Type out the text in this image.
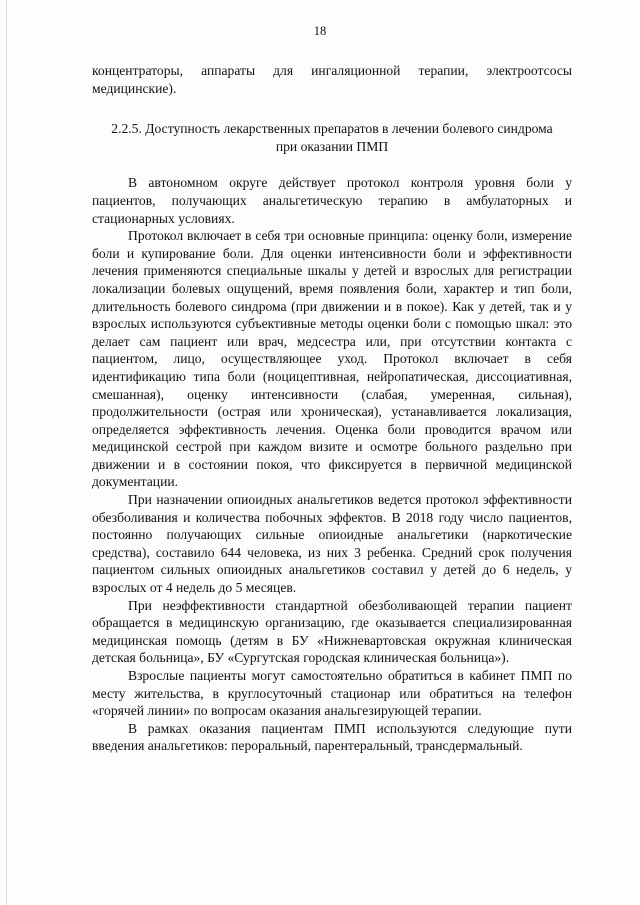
18

концентраторы, аппараты для ингаляционной терапии, электроотсосы медицинские).

2.2.5. Доступность лекарственных препаратов в лечении болевого синдрома при оказании ПМП

В автономном округе действует протокол контроля уровня боли у пациентов, получающих анальгетическую терапию в амбулаторных и стационарных условиях.

Протокол включает в себя три основные принципа: оценку боли, измерение боли и купирование боли. Для оценки интенсивности боли и эффективности лечения применяются специальные шкалы у детей и взрослых для регистрации локализации болевых ощущений, время появления боли, характер и тип боли, длительность болевого синдрома (при движении и в покое). Как у детей, так и у взрослых используются субъективные методы оценки боли с помощью шкал: это делает сам пациент или врач, медсестра или, при отсутствии контакта с пациентом, лицо, осуществляющее уход. Протокол включает в себя идентификацию типа боли (ноцицептивная, нейропатическая, диссоциативная, смешанная), оценку интенсивности (слабая, умеренная, сильная), продолжительности (острая или хроническая), устанавливается локализация, определяется эффективность лечения. Оценка боли проводится врачом или медицинской сестрой при каждом визите и осмотре больного раздельно при движении и в состоянии покоя, что фиксируется в первичной медицинской документации.

При назначении опиоидных анальгетиков ведется протокол эффективности обезболивания и количества побочных эффектов. В 2018 году число пациентов, постоянно получающих сильные опиоидные анальгетики (наркотические средства), составило 644 человека, из них 3 ребенка. Средний срок получения пациентом сильных опиоидных анальгетиков составил у детей до 6 недель, у взрослых от 4 недель до 5 месяцев.

При неэффективности стандартной обезболивающей терапии пациент обращается в медицинскую организацию, где оказывается специализированная медицинская помощь (детям в БУ «Нижневартовская окружная клиническая детская больница», БУ «Сургутская городская клиническая больница»).

Взрослые пациенты могут самостоятельно обратиться в кабинет ПМП по месту жительства, в круглосуточный стационар или обратиться на телефон «горячей линии» по вопросам оказания анальгезирующей терапии.

В рамках оказания пациентам ПМП используются следующие пути введения анальгетиков: пероральный, парентеральный, трансдермальный.
